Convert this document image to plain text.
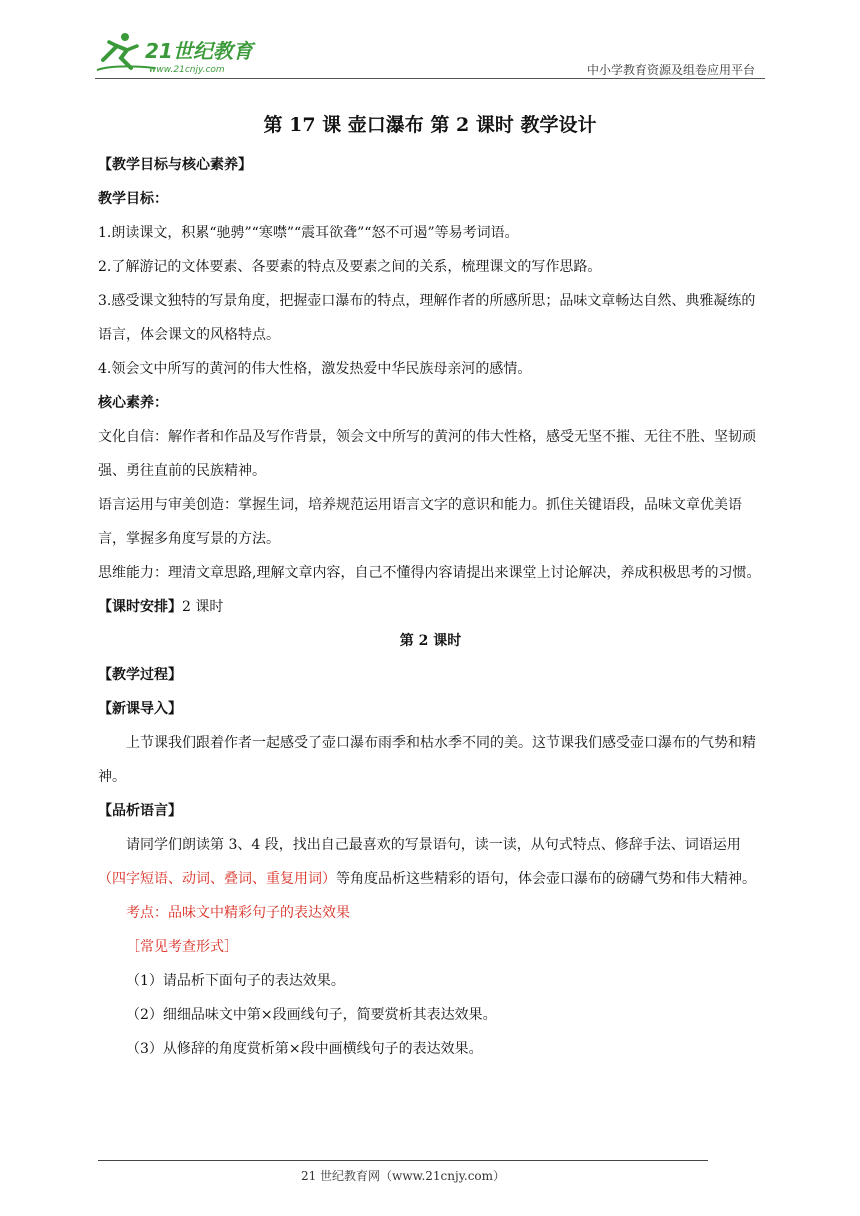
21世纪教育
www.21cnjy.com	中小学教育资源及组卷应用平台
第 17 课 壶口瀑布 第 2 课时 教学设计

【教学目标与核心素养】

教学目标：

1.朗读课文，积累“驰骋”“寒噤”“震耳欲聋”“怒不可遏”等易考词语。

2.了解游记的文体要素、各要素的特点及要素之间的关系，梳理课文的写作思路。

3.感受课文独特的写景角度，把握壶口瀑布的特点，理解作者的所感所思；品味文章畅达自然、典雅凝练的语言，体会课文的风格特点。

4.领会文中所写的黄河的伟大性格，激发热爱中华民族母亲河的感情。

核心素养：

文化自信：解作者和作品及写作背景，领会文中所写的黄河的伟大性格，感受无坚不摧、无往不胜、坚韧顽强、勇往直前的民族精神。

语言运用与审美创造：掌握生词，培养规范运用语言文字的意识和能力。抓住关键语段，品味文章优美语言，掌握多角度写景的方法。

思维能力：理清文章思路,理解文章内容，自己不懂得内容请提出来课堂上讨论解决，养成积极思考的习惯。

【课时安排】2 课时

第 2 课时

【教学过程】

【新课导入】

上节课我们跟着作者一起感受了壶口瀑布雨季和枯水季不同的美。这节课我们感受壶口瀑布的气势和精神。

【品析语言】

请同学们朗读第 3、4 段，找出自己最喜欢的写景语句，读一读，从句式特点、修辞手法、词语运用（四字短语、动词、叠词、重复用词）等角度品析这些精彩的语句，体会壶口瀑布的磅礴气势和伟大精神。

考点：品味文中精彩句子的表达效果

［常见考查形式］

（1）请品析下面句子的表达效果。

（2）细细品味文中第×段画线句子，简要赏析其表达效果。

（3）从修辞的角度赏析第×段中画横线句子的表达效果。

21 世纪教育网（www.21cnjy.com）
